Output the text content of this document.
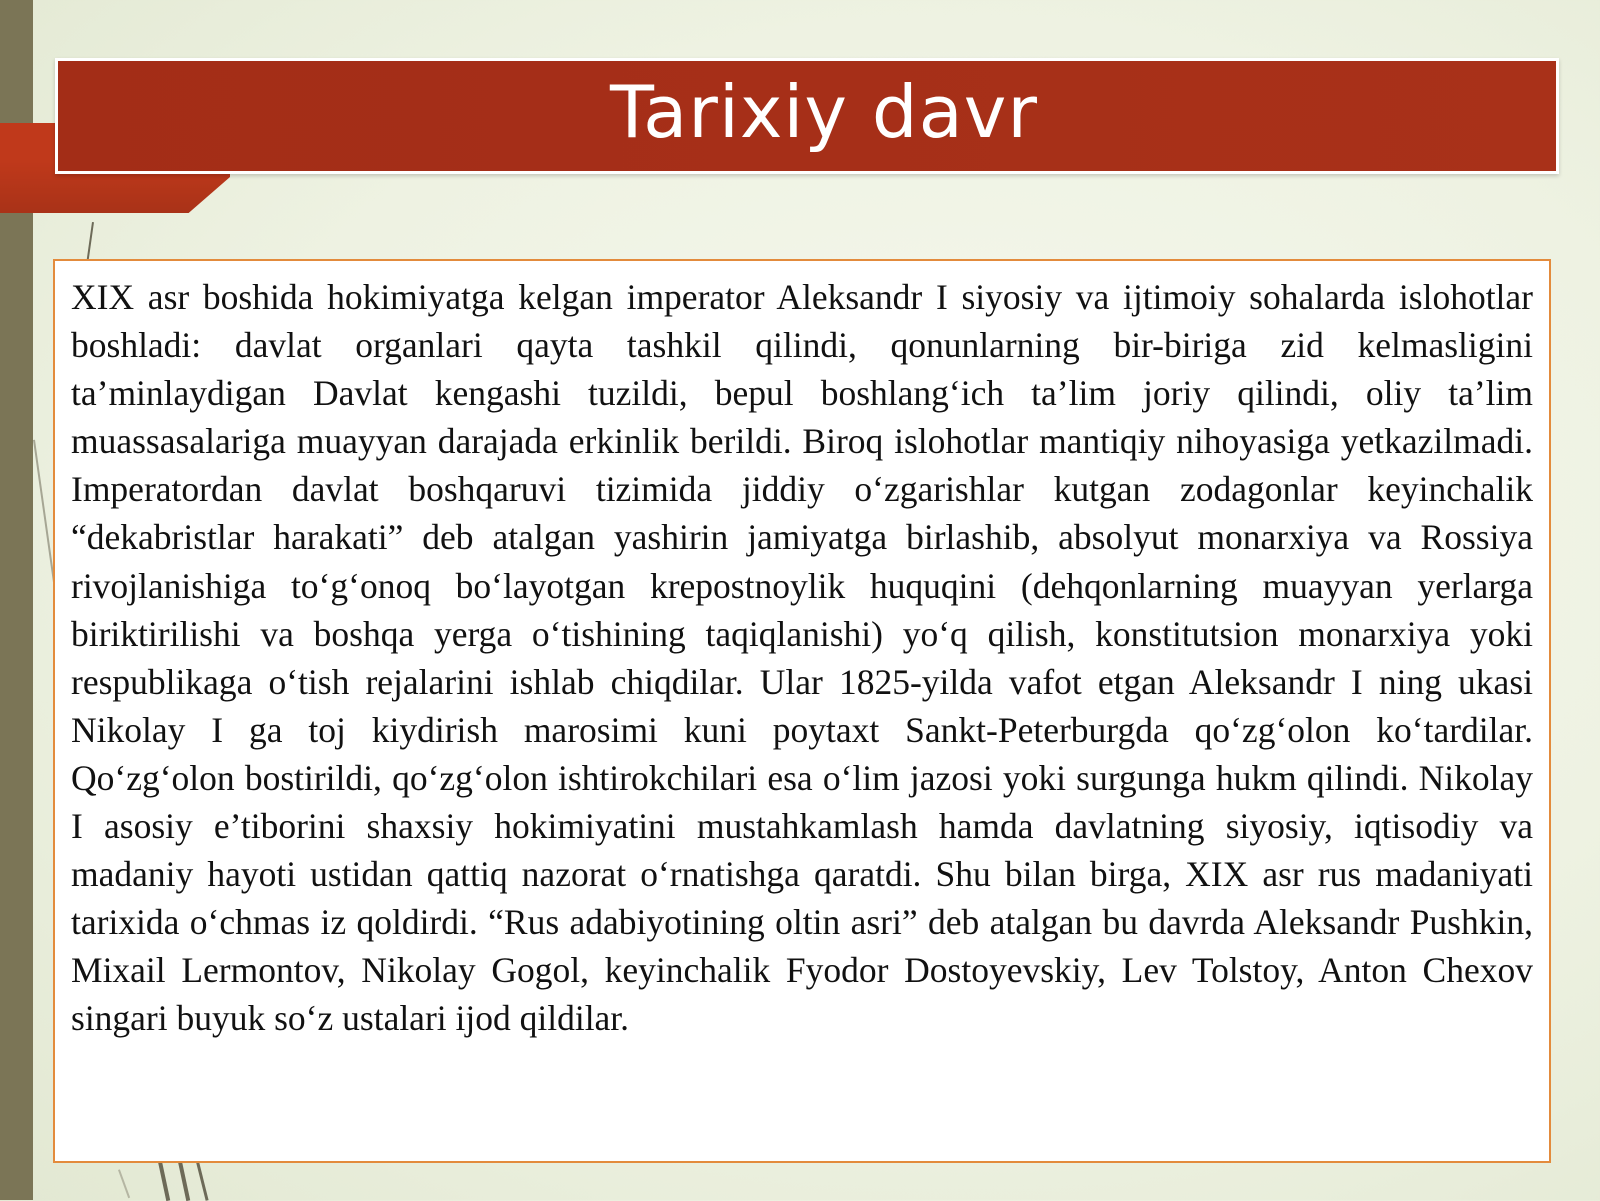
Tarixiy davr

XIX asr boshida hokimiyatga kelgan imperator Aleksandr I siyosiy va ijtimoiy sohalarda islohotlar boshladi: davlat organlari qayta tashkil qilindi, qonunlarning bir-biriga zid kelmasligini ta’minlaydigan Davlat kengashi tuzildi, bepul boshlang‘ich ta’lim joriy qilindi, oliy ta’lim muassasalariga muayyan darajada erkinlik berildi. Biroq islohotlar mantiqiy nihoyasiga yetkazilmadi. Imperatordan davlat boshqaruvi tizimida jiddiy o‘zgarishlar kutgan zodagonlar keyinchalik “dekabristlar harakati” deb atalgan yashirin jamiyatga birlashib, absolyut monarxiya va Rossiya rivojlanishiga to‘g‘onoq bo‘layotgan krepostnoylik huquqini (dehqonlarning muayyan yerlarga biriktirilishi va boshqa yerga o‘tishining taqiqlanishi) yo‘q qilish, konstitutsion monarxiya yoki respublikaga o‘tish rejalarini ishlab chiqdilar. Ular 1825-yilda vafot etgan Aleksandr I ning ukasi Nikolay I ga toj kiydirish marosimi kuni poytaxt Sankt-Peterburgda qo‘zg‘olon ko‘tardilar. Qo‘zg‘olon bostirildi, qo‘zg‘olon ishtirokchilari esa o‘lim jazosi yoki surgunga hukm qilindi. Nikolay I asosiy e’tiborini shaxsiy hokimiyatini mustahkamlash hamda davlatning siyosiy, iqtisodiy va madaniy hayoti ustidan qattiq nazorat o‘rnatishga qaratdi. Shu bilan birga, XIX asr rus madaniyati tarixida o‘chmas iz qoldirdi. “Rus adabiyotining oltin asri” deb atalgan bu davrda Aleksandr Pushkin, Mixail Lermontov, Nikolay Gogol, keyinchalik Fyodor Dostoyevskiy, Lev Tolstoy, Anton Chexov singari buyuk so‘z ustalari ijod qildilar.
